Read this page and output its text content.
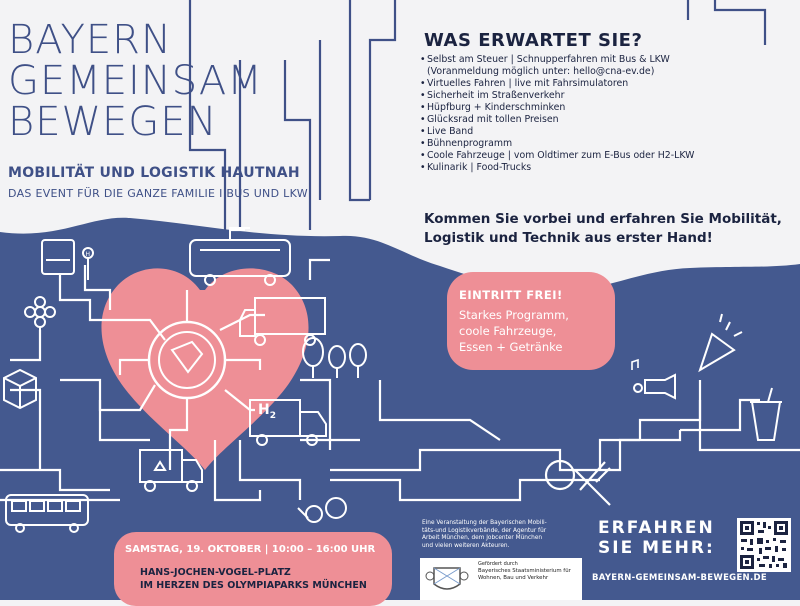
H
BAYERN
GEMEINSAM
BEWEGEN
MOBILITÄT UND LOGISTIK HAUTNAH
DAS EVENT FÜR DIE GANZE FAMILIE I BUS UND LKW
WAS ERWARTET SIE?
•Selbst am Steuer | Schnupperfahren mit Bus & LKW
(Voranmeldung möglich unter: hello@cna-ev.de)
•Virtuelles Fahren | live mit Fahrsimulatoren
•Sicherheit im Straßenverkehr
•Hüpfburg + Kinderschminken
•Glücksrad mit tollen Preisen
•Live Band
•Bühnenprogramm
•Coole Fahrzeuge | vom Oldtimer zum E-Bus oder H2-LKW
•Kulinarik | Food-Trucks
Kommen Sie vorbei und erfahren Sie Mobilität,
Logistik und Technik aus erster Hand!
EINTRITT FREI!
Starkes Programm,
coole Fahrzeuge,
Essen + Getränke
$H_2$
SAMSTAG, 19. OKTOBER | 10:00 – 16:00 UHR
HANS-JOCHEN-VOGEL-PLATZ
IM HERZEN DES OLYMPIAPARKS MÜNCHEN
Eine Veranstaltung der Bayerischen Mobili-
täts-und Logistikverbände, der Agentur für
Arbeit München, dem Jobcenter München
und vielen weiteren Akteuren.
Gefördert durch
Bayerisches Staatsministerium für
Wohnen, Bau und Verkehr
ERFAHREN
SIE MEHR:
BAYERN-GEMEINSAM-BEWEGEN.DE
